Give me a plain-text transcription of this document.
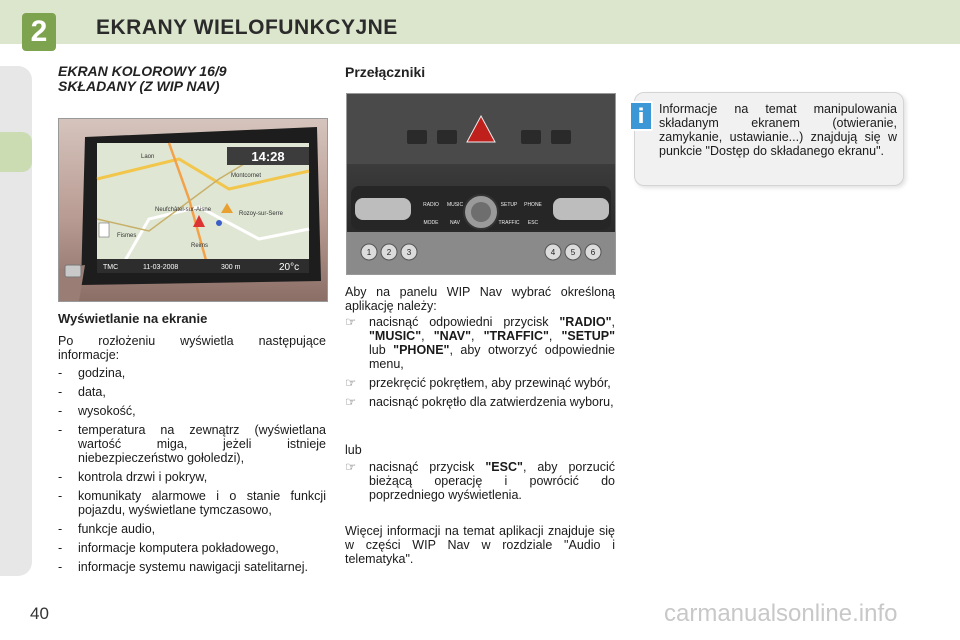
2	EKRANY WIELOFUNKCYJNE
EKRAN KOLOROWY 16/9 SKŁADANY (Z WIP NAV)
14:28
TMC	11-03-2008	300 m	20°c
Laon
Montcornet
Neufchâtel-sur-Aisne
Rozoy-sur-Serre
Fismes
Reims
Wyświetlanie na ekranie
Po rozłożeniu wyświetla następujące informacje:
- godzina,
- data,
- wysokość,
- temperatura na zewnątrz (wyświetlana wartość miga, jeżeli istnieje niebezpieczeństwo gołoledzi),
- kontrola drzwi i pokryw,
- komunikaty alarmowe i o stanie funkcji pojazdu, wyświetlane tymczasowo,
- funkcje audio,
- informacje komputera pokładowego,
- informacje systemu nawigacji satelitarnej.
Przełączniki
RADIO MUSIC	SETUP PHONE
MODE NAV	TRAFFIC ESC
1 2 3	4 5 6
Aby na panelu WIP Nav wybrać określoną aplikację należy:
☞ nacisnąć odpowiedni przycisk "RADIO", "MUSIC", "NAV", "TRAFFIC", "SETUP" lub "PHONE", aby otworzyć odpowiednie menu,
☞ przekręcić pokrętłem, aby przewinąć wybór,
☞ nacisnąć pokrętło dla zatwierdzenia wyboru,
lub
☞ nacisnąć przycisk "ESC", aby porzucić bieżącą operację i powrócić do poprzedniego wyświetlenia.
Więcej informacji na temat aplikacji znajduje się w części WIP Nav w rozdziale "Audio i telematyka".
i	Informacje na temat manipulowania składanym ekranem (otwieranie, zamykanie, ustawianie...) znajdują się w punkcie "Dostęp do składanego ekranu".
40	carmanualsonline.info
